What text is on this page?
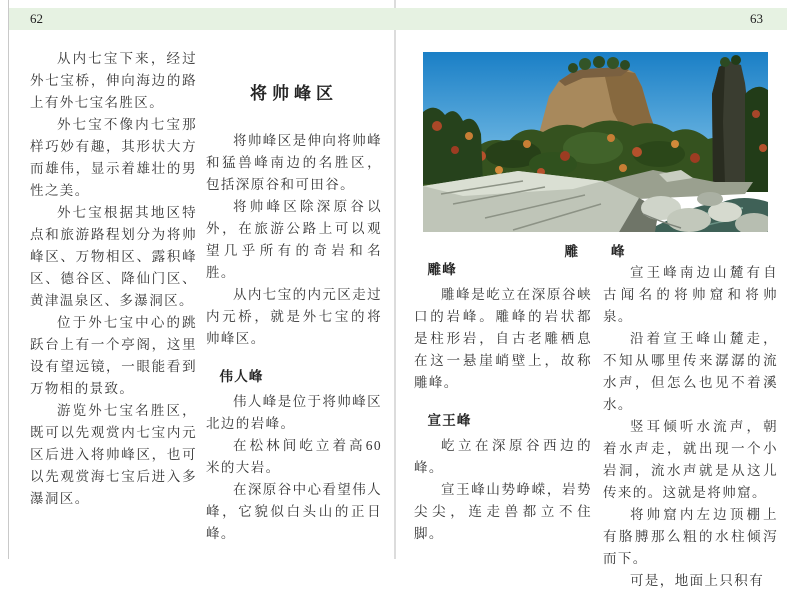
62	63

从内七宝下来，经过外七宝桥，伸向海边的路上有外七宝名胜区。

外七宝不像内七宝那样巧妙有趣，其形状大方而雄伟，显示着雄壮的男性之美。

外七宝根据其地区特点和旅游路程划分为将帅峰区、万物相区、露积峰区、德谷区、降仙门区、黄津温泉区、多瀑洞区。

位于外七宝中心的跳跃台上有一个亭阁，这里设有望远镜，一眼能看到万物相的景致。

游览外七宝名胜区，既可以先观赏内七宝内元区后进入将帅峰区，也可以先观赏海七宝后进入多瀑洞区。

将帅峰区

将帅峰区是伸向将帅峰和猛兽峰南边的名胜区，包括深原谷和可田谷。

将帅峰区除深原谷以外，在旅游公路上可以观望几乎所有的奇岩和名胜。

从内七宝的内元区走过内元桥，就是外七宝的将帅峰区。

伟人峰

伟人峰是位于将帅峰区北边的岩峰。

在松林间屹立着高60米的大岩。

在深原谷中心看望伟人峰，它貌似白头山的正日峰。

雕　　峰
雕峰

雕峰是屹立在深原谷峡口的岩峰。雕峰的岩状都是柱形岩，自古老雕栖息在这一悬崖峭壁上，故称雕峰。

宣王峰

屹立在深原谷西边的峰。

宣王峰山势峥嵘，岩势尖尖，连走兽都立不住脚。

宣王峰南边山麓有自古闻名的将帅窟和将帅泉。

沿着宣王峰山麓走，不知从哪里传来潺潺的流水声，但怎么也见不着溪水。

竖耳倾听水流声，朝着水声走，就出现一个小岩洞，流水声就是从这儿传来的。这就是将帅窟。

将帅窟内左边顶棚上有胳膊那么粗的水柱倾泻而下。

可是，地面上只积有
